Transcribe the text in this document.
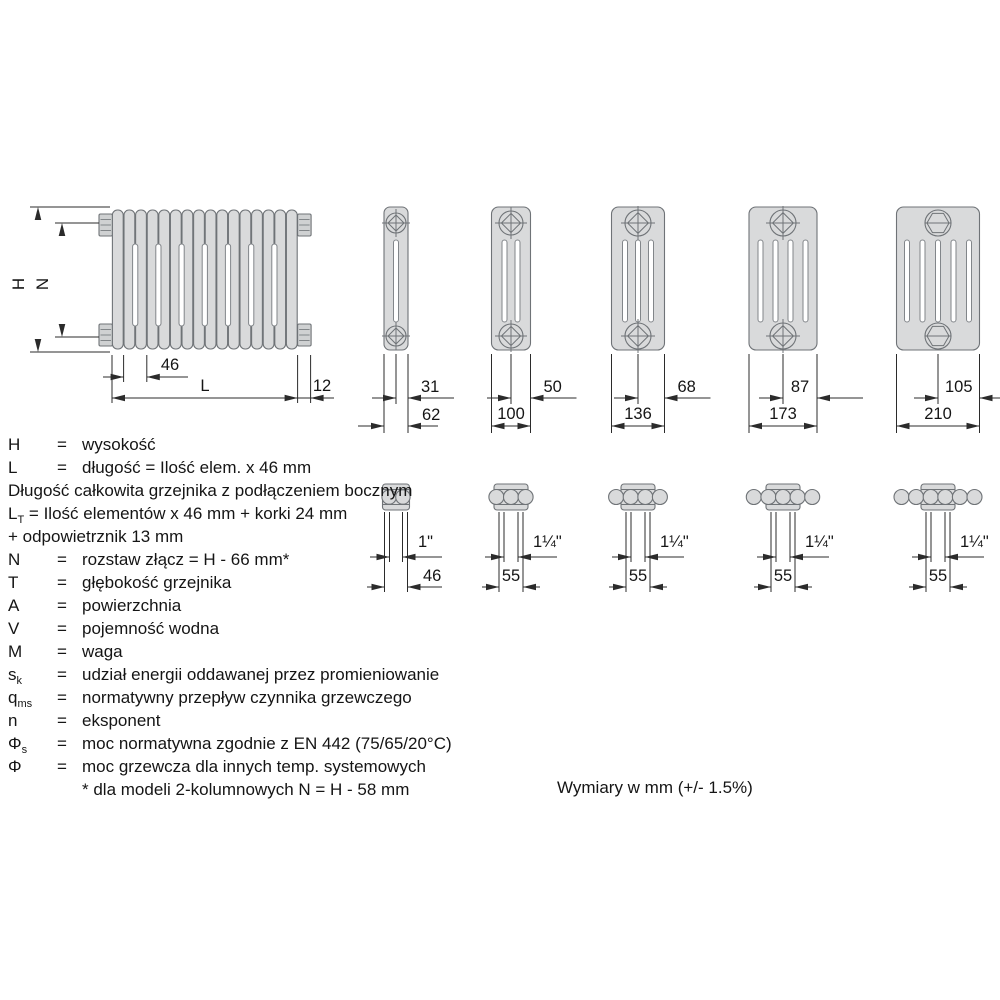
H N
46
L	12	31
62
50
100
68
136
87
173
105
210
1"
46
1¼"
55
1¼"
55
1¼"
55
1¼"
55
H	= wysokość
L	= długość = Ilość elem. x 46 mm
Długość całkowita grzejnika z podłączeniem bocznym
$L_T$ = Ilość elementów x 46 mm + korki 24 mm
+ odpowietrznik 13 mm
N	= rozstaw złącz = H - 66 mm*
T	= głębokość grzejnika
A	= powierzchnia
V	= pojemność wodna
M	= waga
$s_k$	= udział energii oddawanej przez promieniowanie
$q_{ms}$	= normatywny przepływ czynnika grzewczego
n	= eksponent
$\Phi_s$	= moc normatywna zgodnie z EN 442 (75/65/20°C)
Φ	= moc grzewcza dla innych temp. systemowych
* dla modeli 2-kolumnowych N = H - 58 mm	Wymiary w mm (+/- 1.5%)
